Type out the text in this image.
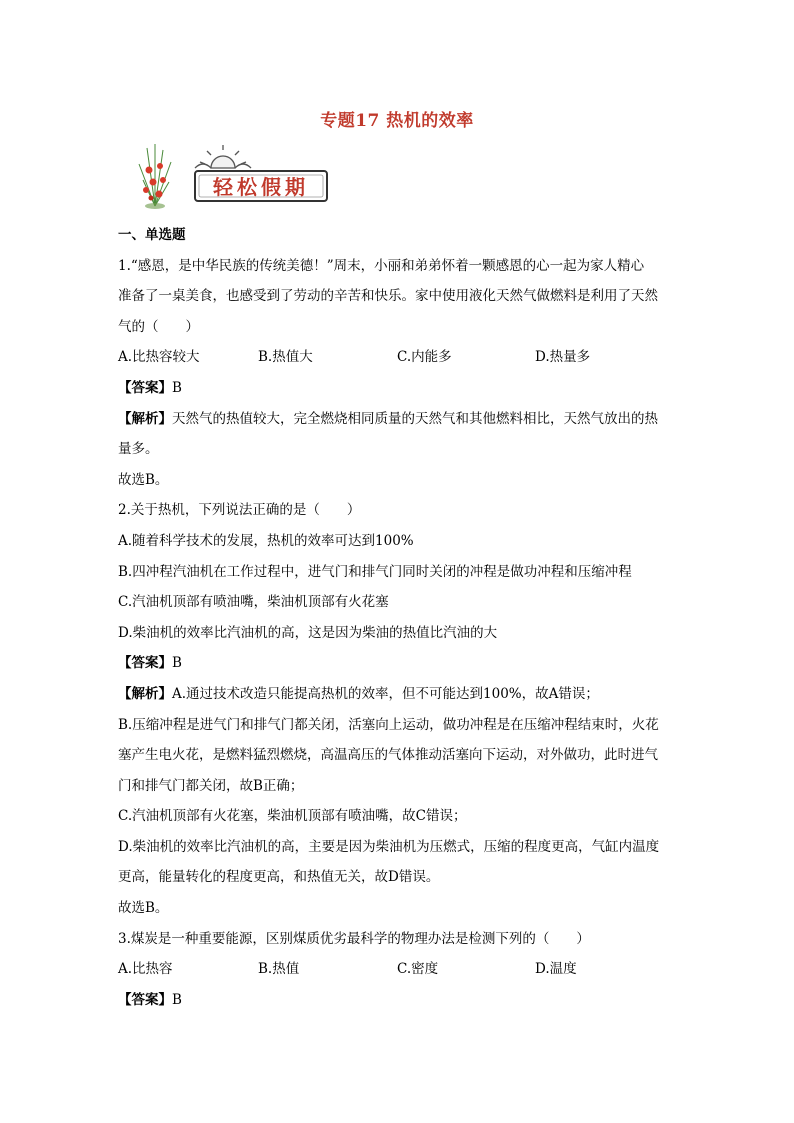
专题17 热机的效率
轻松假期
一、单选题
1.“感恩，是中华民族的传统美德！”周末，小丽和弟弟怀着一颗感恩的心一起为家人精心
准备了一桌美食，也感受到了劳动的辛苦和快乐。家中使用液化天然气做燃料是利用了天然
气的（　　）
A.比热容较大	B.热值大	C.内能多	D.热量多
【答案】B
【解析】天然气的热值较大，完全燃烧相同质量的天然气和其他燃料相比，天然气放出的热
量多。
故选B。
2.关于热机，下列说法正确的是（　　）
A.随着科学技术的发展，热机的效率可达到100%
B.四冲程汽油机在工作过程中，进气门和排气门同时关闭的冲程是做功冲程和压缩冲程
C.汽油机顶部有喷油嘴，柴油机顶部有火花塞
D.柴油机的效率比汽油机的高，这是因为柴油的热值比汽油的大
【答案】B
【解析】A.通过技术改造只能提高热机的效率，但不可能达到100%，故A错误；
B.压缩冲程是进气门和排气门都关闭，活塞向上运动，做功冲程是在压缩冲程结束时，火花
塞产生电火花，是燃料猛烈燃烧，高温高压的气体推动活塞向下运动，对外做功，此时进气
门和排气门都关闭，故B正确；
C.汽油机顶部有火花塞，柴油机顶部有喷油嘴，故C错误；
D.柴油机的效率比汽油机的高，主要是因为柴油机为压燃式，压缩的程度更高，气缸内温度
更高，能量转化的程度更高，和热值无关，故D错误。
故选B。
3.煤炭是一种重要能源，区别煤质优劣最科学的物理办法是检测下列的（　　）
A.比热容	B.热值	C.密度	D.温度
【答案】B
